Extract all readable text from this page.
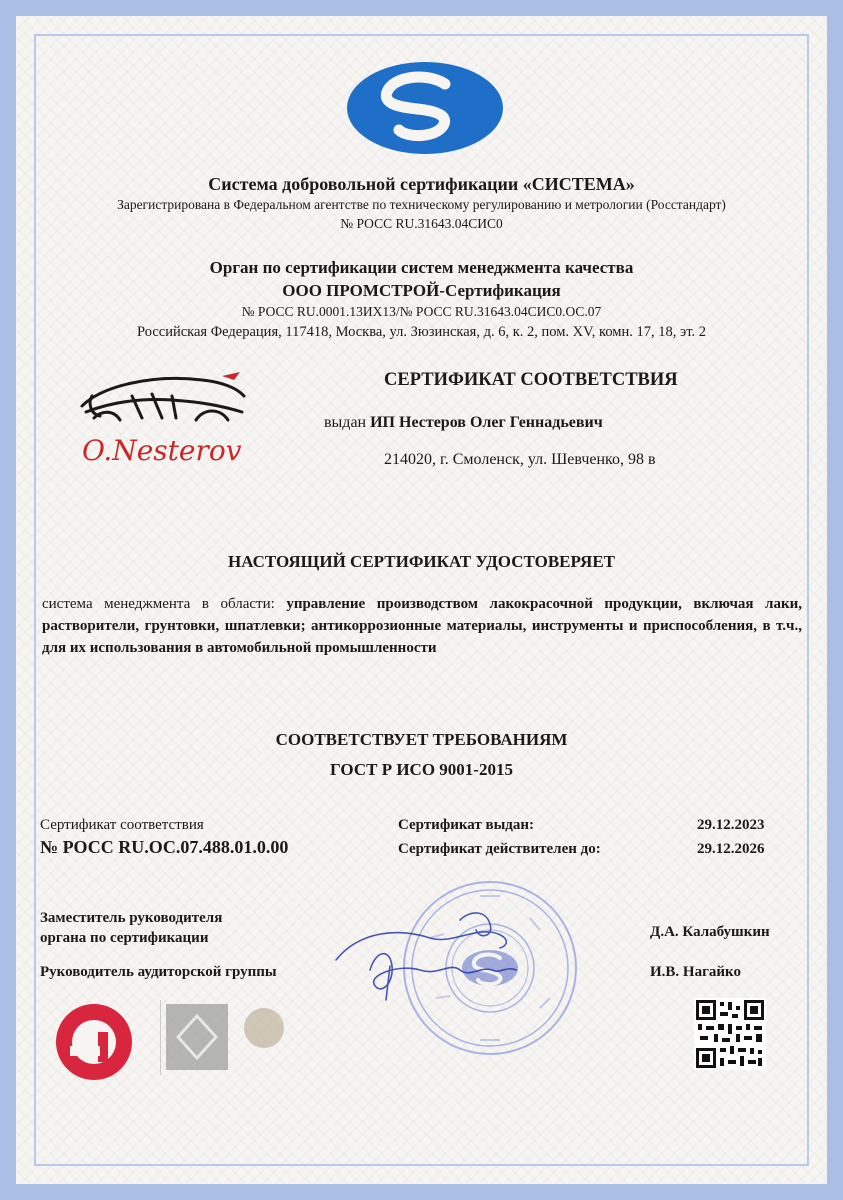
Система добровольной сертификации «СИСТЕМА»
Зарегистрирована в Федеральном агентстве по техническому регулированию и метрологии (Росстандарт)
№ РОСС RU.31643.04СИС0
Орган по сертификации систем менеджмента качества
ООО ПРОМСТРОЙ-Сертификация
№ РОСС RU.0001.13ИХ13/№ РОСС RU.31643.04СИС0.ОС.07
Российская Федерация, 117418, Москва, ул. Зюзинская, д. 6, к. 2, пом. XV, комн. 17, 18, эт. 2
O.Nesterov
СЕРТИФИКАТ СООТВЕТСТВИЯ
выдан ИП Нестеров Олег Геннадьевич
214020, г. Смоленск, ул. Шевченко, 98 в
НАСТОЯЩИЙ СЕРТИФИКАТ УДОСТОВЕРЯЕТ
система менеджмента в области: управление производством лакокрасочной продукции, включая лаки, растворители, грунтовки, шпатлевки; антикоррозионные материалы, инструменты и приспособления, в т.ч., для их использования в автомобильной промышленности
СООТВЕТСТВУЕТ ТРЕБОВАНИЯМ
ГОСТ Р ИСО 9001-2015
Сертификат соответствия
№ РОСС RU.ОС.07.488.01.0.00
Сертификат выдан:	29.12.2023
Сертификат действителен до:	29.12.2026
Заместитель руководителя
органа по сертификации	Д.А. Калабушкин
Руководитель аудиторской группы	И.В. Нагайко
